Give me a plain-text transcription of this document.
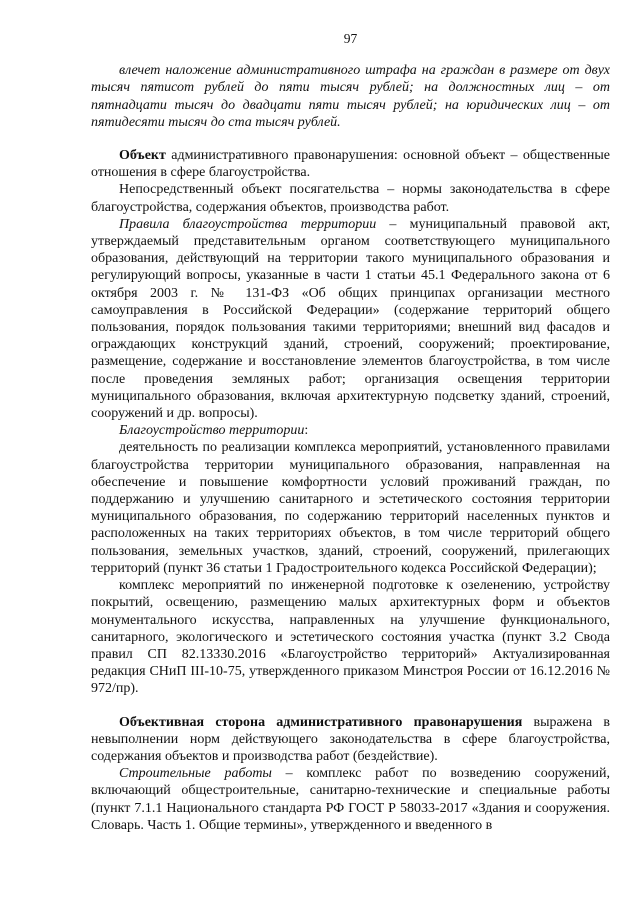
97

влечет наложение административного штрафа на граждан в размере от двух тысяч пятисот рублей до пяти тысяч рублей; на должностных лиц – от пятнадцати тысяч до двадцати пяти тысяч рублей; на юридических лиц – от пятидесяти тысяч до ста тысяч рублей.

Объект административного правонарушения: основной объект – общественные отношения в сфере благоустройства.

Непосредственный объект посягательства – нормы законодательства в сфере благоустройства, содержания объектов, производства работ.

Правила благоустройства территории – муниципальный правовой акт, утверждаемый представительным органом соответствующего муниципального образования, действующий на территории такого муниципального образования и регулирующий вопросы, указанные в части 1 статьи 45.1 Федерального закона от 6 октября 2003 г. № 131-ФЗ «Об общих принципах организации местного самоуправления в Российской Федерации» (содержание территорий общего пользования, порядок пользования такими территориями; внешний вид фасадов и ограждающих конструкций зданий, строений, сооружений; проектирование, размещение, содержание и восстановление элементов благоустройства, в том числе после проведения земляных работ; организация освещения территории муниципального образования, включая архитектурную подсветку зданий, строений, сооружений и др. вопросы).

Благоустройство территории:

деятельность по реализации комплекса мероприятий, установленного правилами благоустройства территории муниципального образования, направленная на обеспечение и повышение комфортности условий проживаний граждан, по поддержанию и улучшению санитарного и эстетического состояния территории муниципального образования, по содержанию территорий населенных пунктов и расположенных на таких территориях объектов, в том числе территорий общего пользования, земельных участков, зданий, строений, сооружений, прилегающих территорий (пункт 36 статьи 1 Градостроительного кодекса Российской Федерации);

комплекс мероприятий по инженерной подготовке к озеленению, устройству покрытий, освещению, размещению малых архитектурных форм и объектов монументального искусства, направленных на улучшение функционального, санитарного, экологического и эстетического состояния участка (пункт 3.2 Свода правил СП 82.13330.2016 «Благоустройство территорий» Актуализированная редакция СНиП III-10-75, утвержденного приказом Минстроя России от 16.12.2016 № 972/пр).

Объективная сторона административного правонарушения выражена в невыполнении норм действующего законодательства в сфере благоустройства, содержания объектов и производства работ (бездействие).

Строительные работы – комплекс работ по возведению сооружений, включающий общестроительные, санитарно-технические и специальные работы (пункт 7.1.1 Национального стандарта РФ ГОСТ Р 58033-2017 «Здания и сооружения. Словарь. Часть 1. Общие термины», утвержденного и введенного в
